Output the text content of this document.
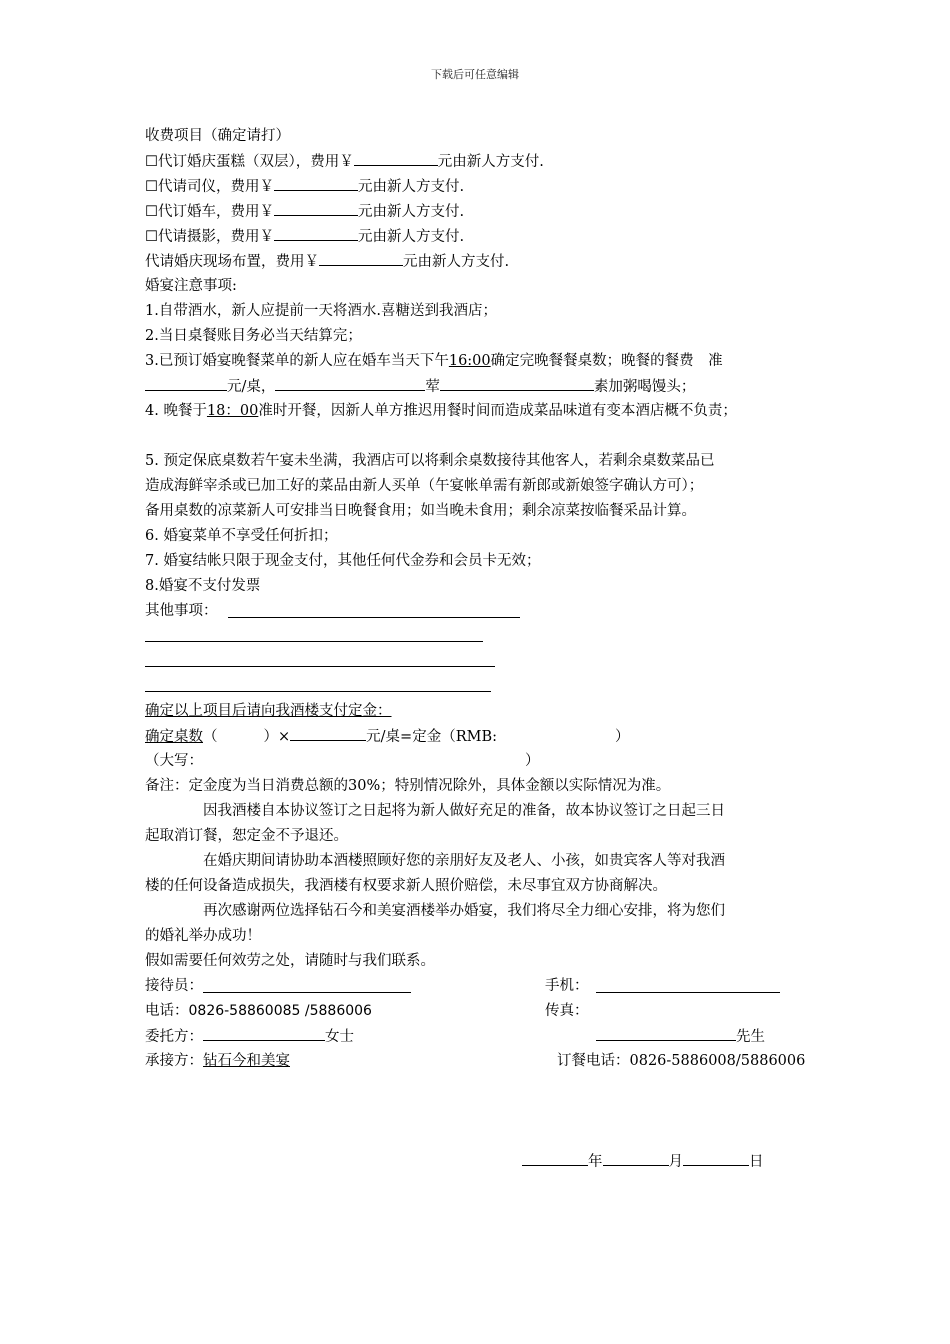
下载后可任意编辑
收费项目（确定请打）
☐代订婚庆蛋糕（双层），费用￥	元由新人方支付.
☐代请司仪，费用￥	元由新人方支付.
☐代订婚车，费用￥	元由新人方支付.
☐代请摄影，费用￥	元由新人方支付.
代请婚庆现场布置，费用￥	元由新人方支付.
婚宴注意事项:
1.自带酒水，新人应提前一天将酒水.喜糖送到我酒店；
2.当日桌餐账目务必当天结算完；
3.已预订婚宴晚餐菜单的新人应在婚车当天下午16:00确定完晚餐餐桌数；晚餐的餐费　准
元/桌，	荤	素加粥喝馒头；
4. 晚餐于18：00准时开餐，因新人单方推迟用餐时间而造成菜品味道有变本酒店概不负责；
5. 预定保底桌数若午宴未坐满，我酒店可以将剩余桌数接待其他客人，若剩余桌数菜品已
造成海鲜宰杀或已加工好的菜品由新人买单（午宴帐单需有新郎或新娘签字确认方可）；
备用桌数的凉菜新人可安排当日晚餐食用；如当晚未食用；剩余凉菜按临餐采品计算。
6. 婚宴菜单不享受任何折扣；
7. 婚宴结帐只限于现金支付，其他任何代金券和会员卡无效；
8.婚宴不支付发票
其他事项：
确定以上项目后请向我酒楼支付定金：
确定桌数（	）×	元/桌=定金（RMB:	）
（大写：	）
备注：定金度为当日消费总额的30%；特别情况除外，具体金额以实际情况为准。
因我酒楼自本协议签订之日起将为新人做好充足的准备，故本协议签订之日起三日
起取消订餐，恕定金不予退还。
在婚庆期间请协助本酒楼照顾好您的亲朋好友及老人、小孩，如贵宾客人等对我酒
楼的任何设备造成损失，我酒楼有权要求新人照价赔偿，未尽事宜双方协商解决。
再次感谢两位选择钻石今和美宴酒楼举办婚宴，我们将尽全力细心安排，将为您们
的婚礼举办成功！
假如需要任何效劳之处，请随时与我们联系。
接待员：	手机：
电话：0826-58860085 /5886006	传真：
委托方：	女士	先生
承接方：钻石今和美宴	订餐电话：0826-5886008/5886006
年	月	日
